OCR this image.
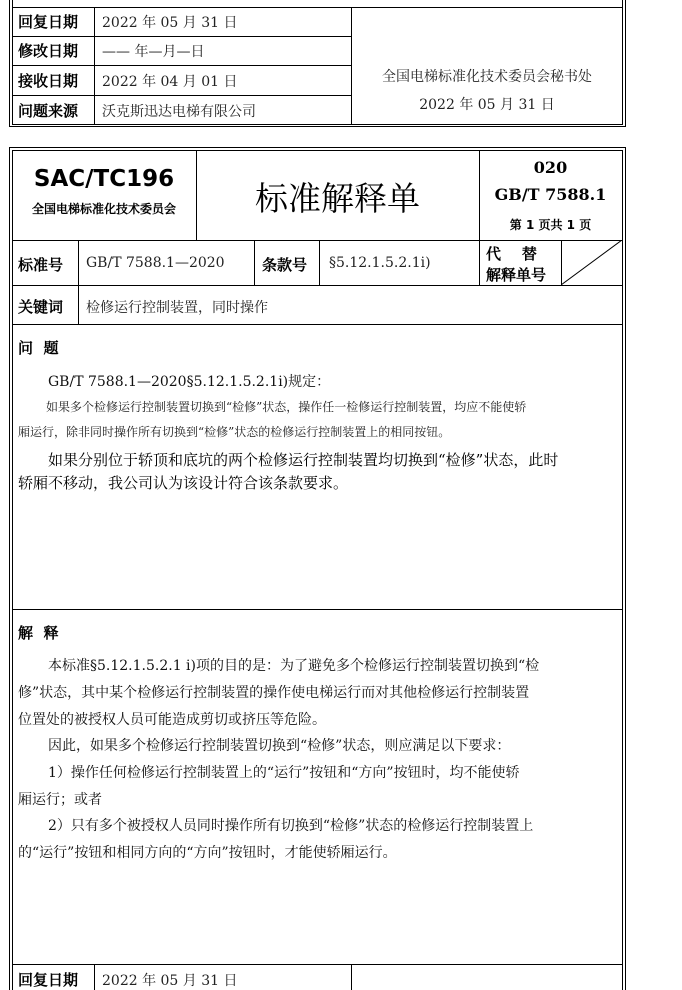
回复日期 2022 年 05 月 31 日
修改日期 —— 年—月—日
接收日期 2022 年 04 月 01 日
问题来源 沃克斯迅达电梯有限公司
全国电梯标准化技术委员会秘书处
2022 年 05 月 31 日
SAC/TC196
全国电梯标准化技术委员会	标准解释单
020
GB/T 7588.1
第 1 页共 1 页
标准号 GB/T 7588.1—2020 条款号 §5.12.1.5.2.1i)	代    替
解释单号
关键词 检修运行控制装置，同时操作
问  题
GB/T 7588.1—2020§5.12.1.5.2.1i)规定：
如果多个检修运行控制装置切换到“检修”状态，操作任一检修运行控制装置，均应不能使轿
厢运行，除非同时操作所有切换到“检修”状态的检修运行控制装置上的相同按钮。
如果分别位于轿顶和底坑的两个检修运行控制装置均切换到“检修”状态，此时
轿厢不移动，我公司认为该设计符合该条款要求。
解  释
本标准§5.12.1.5.2.1 i)项的目的是：为了避免多个检修运行控制装置切换到“检
修”状态，其中某个检修运行控制装置的操作使电梯运行而对其他检修运行控制装置
位置处的被授权人员可能造成剪切或挤压等危险。
因此，如果多个检修运行控制装置切换到“检修”状态，则应满足以下要求：
1）操作任何检修运行控制装置上的“运行”按钮和“方向”按钮时，均不能使轿
厢运行；或者
2）只有多个被授权人员同时操作所有切换到“检修”状态的检修运行控制装置上
的“运行”按钮和相同方向的“方向”按钮时，才能使轿厢运行。
回复日期 2022 年 05 月 31 日
